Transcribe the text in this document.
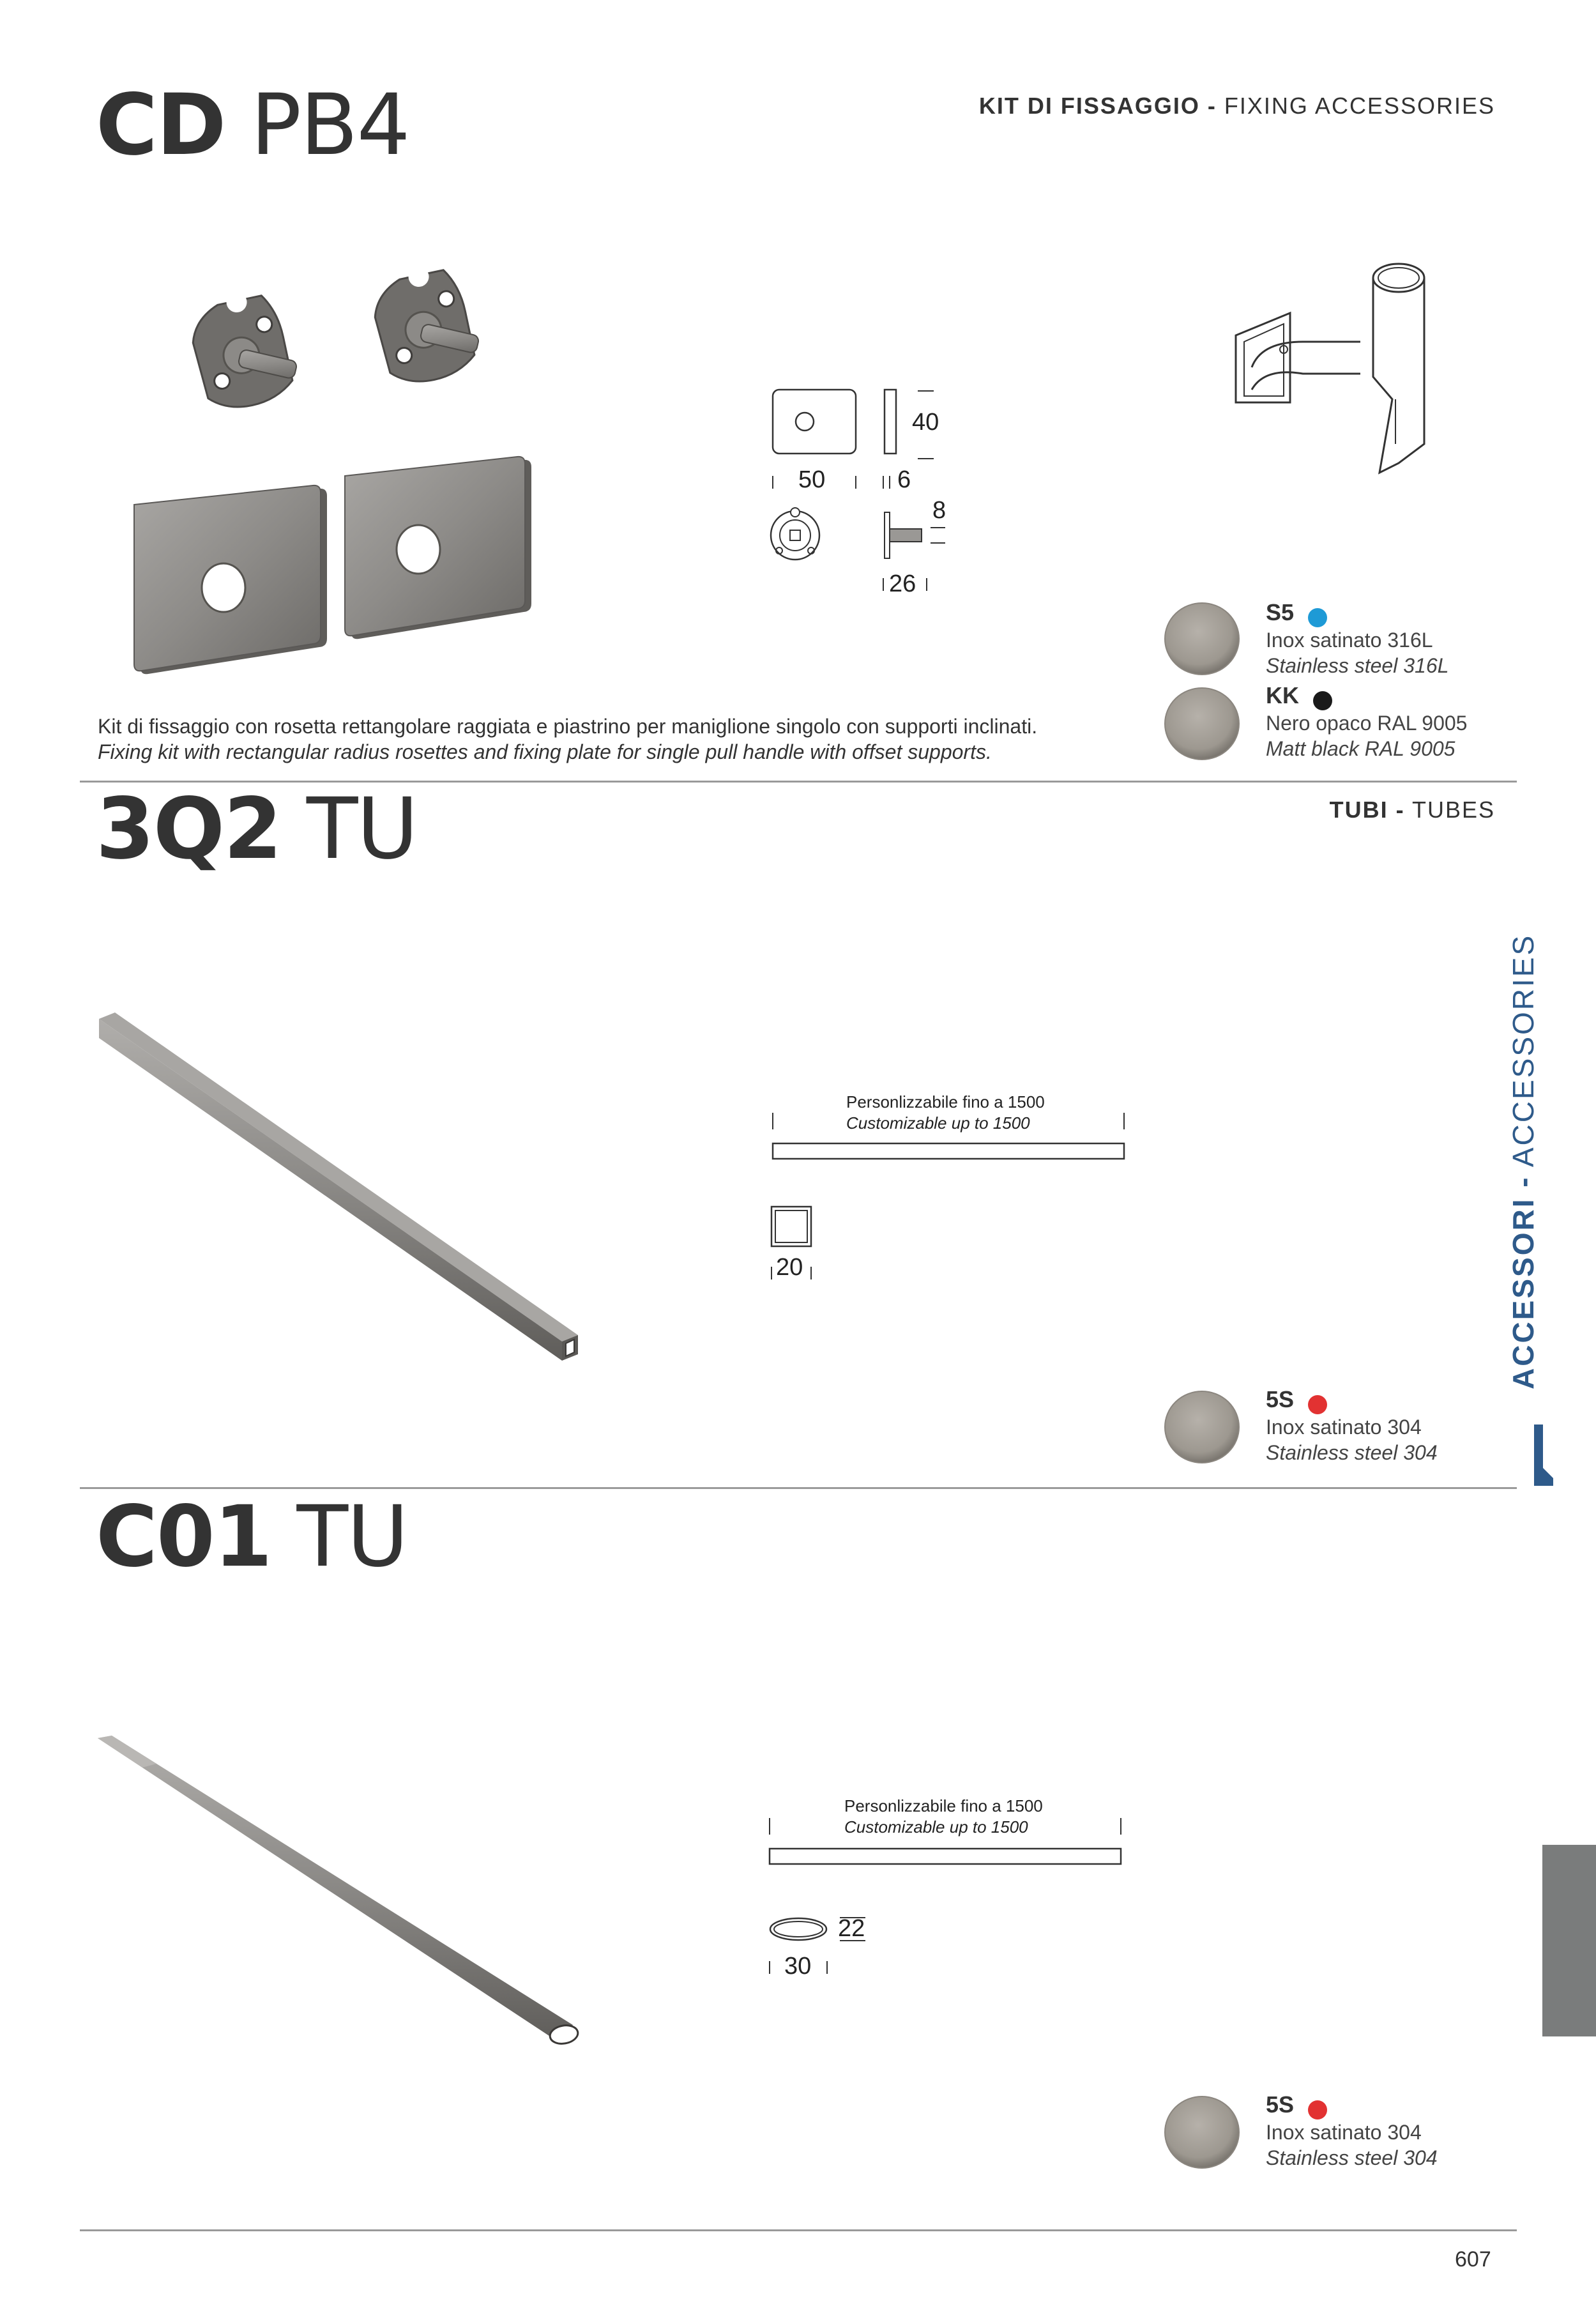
CD PB4	KIT DI FISSAGGIO - FIXING ACCESSORIES
40
50	6
8
26
S5
Inox satinato 316L
Stainless steel 316L
KK
Nero opaco RAL 9005
Matt black RAL 9005
Kit di fissaggio con rosetta rettangolare raggiata e piastrino per maniglione singolo con supporti inclinati.
Fixing kit with rectangular radius rosettes and fixing plate for single pull handle with offset supports.
3Q2 TU	TUBI - TUBES
Personlizzabile fino a 1500
Customizable up to 1500
20
5S
Inox satinato 304
Stainless steel 304
C01 TU
Personlizzabile fino a 1500
Customizable up to 1500
22
30
5S
Inox satinato 304
Stainless steel 304
607
ACCESSORI - ACCESSORIES
